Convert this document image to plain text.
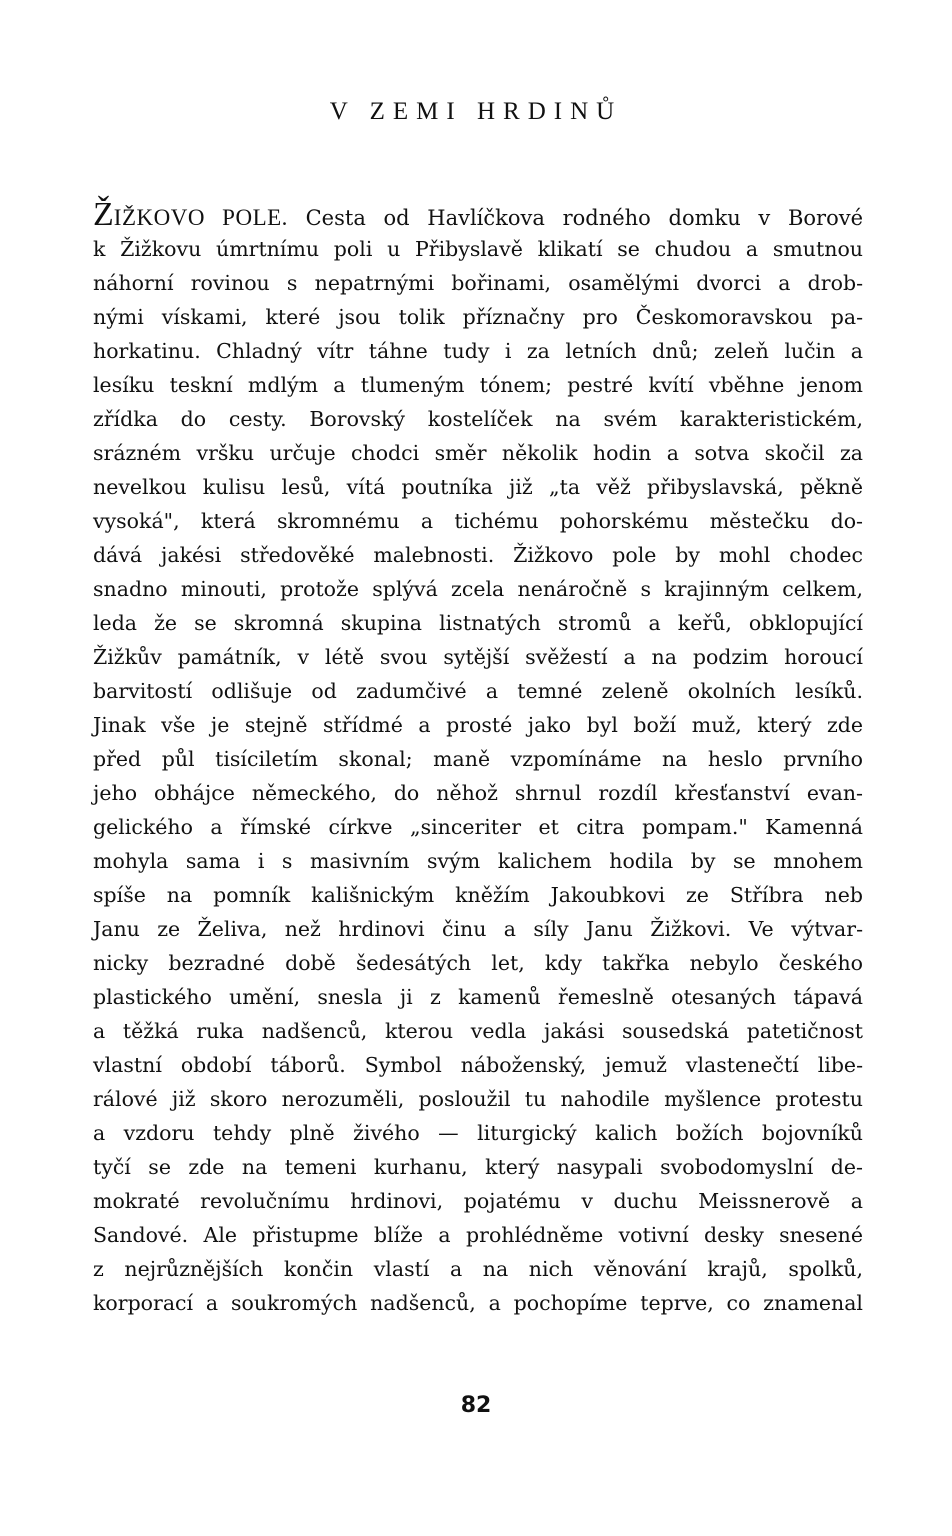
V ZEMI HRDINŮ
ŽIŽKOVO POLE. Cesta od Havlíčkova rodného domku v Borové
k Žižkovu úmrtnímu poli u Přibyslavě klikatí se chudou a smutnou
náhorní rovinou s nepatrnými bořinami, osamělými dvorci a drob-
nými vískami, které jsou tolik příznačny pro Českomoravskou pa-
horkatinu. Chladný vítr táhne tudy i za letních dnů; zeleň lučin a
lesíku teskní mdlým a tlumeným tónem; pestré kvítí vběhne jenom
zřídka do cesty. Borovský kostelíček na svém karakteristickém,
srázném vršku určuje chodci směr několik hodin a sotva skočil za
nevelkou kulisu lesů, vítá poutníka již „ta věž přibyslavská, pěkně
vysoká", která skromnému a tichému pohorskému městečku do-
dává jakési středověké malebnosti. Žižkovo pole by mohl chodec
snadno minouti, protože splývá zcela nenáročně s krajinným celkem,
leda že se skromná skupina listnatých stromů a keřů, obklopující
Žižkův památník, v létě svou sytější svěžestí a na podzim horoucí
barvitostí odlišuje od zadumčivé a temné zeleně okolních lesíků.
Jinak vše je stejně střídmé a prosté jako byl boží muž, který zde
před půl tisíciletím skonal; maně vzpomínáme na heslo prvního
jeho obhájce německého, do něhož shrnul rozdíl křesťanství evan-
gelického a římské církve „sinceriter et citra pompam." Kamenná
mohyla sama i s masivním svým kalichem hodila by se mnohem
spíše na pomník kališnickým kněžím Jakoubkovi ze Stříbra neb
Janu ze Želiva, než hrdinovi činu a síly Janu Žižkovi. Ve výtvar-
nicky bezradné době šedesátých let, kdy takřka nebylo českého
plastického umění, snesla ji z kamenů řemeslně otesaných tápavá
a těžká ruka nadšenců, kterou vedla jakási sousedská patetičnost
vlastní období táborů. Symbol náboženský, jemuž vlastenečtí libe-
rálové již skoro nerozuměli, posloužil tu nahodile myšlence protestu
a vzdoru tehdy plně živého — liturgický kalich božích bojovníků
tyčí se zde na temeni kurhanu, který nasypali svobodomyslní de-
mokraté revolučnímu hrdinovi, pojatému v duchu Meissnerově a
Sandové. Ale přistupme blíže a prohlédněme votivní desky snesené
z nejrůznějších končin vlastí a na nich věnování krajů, spolků,
korporací a soukromých nadšenců, a pochopíme teprve, co znamenal
82
